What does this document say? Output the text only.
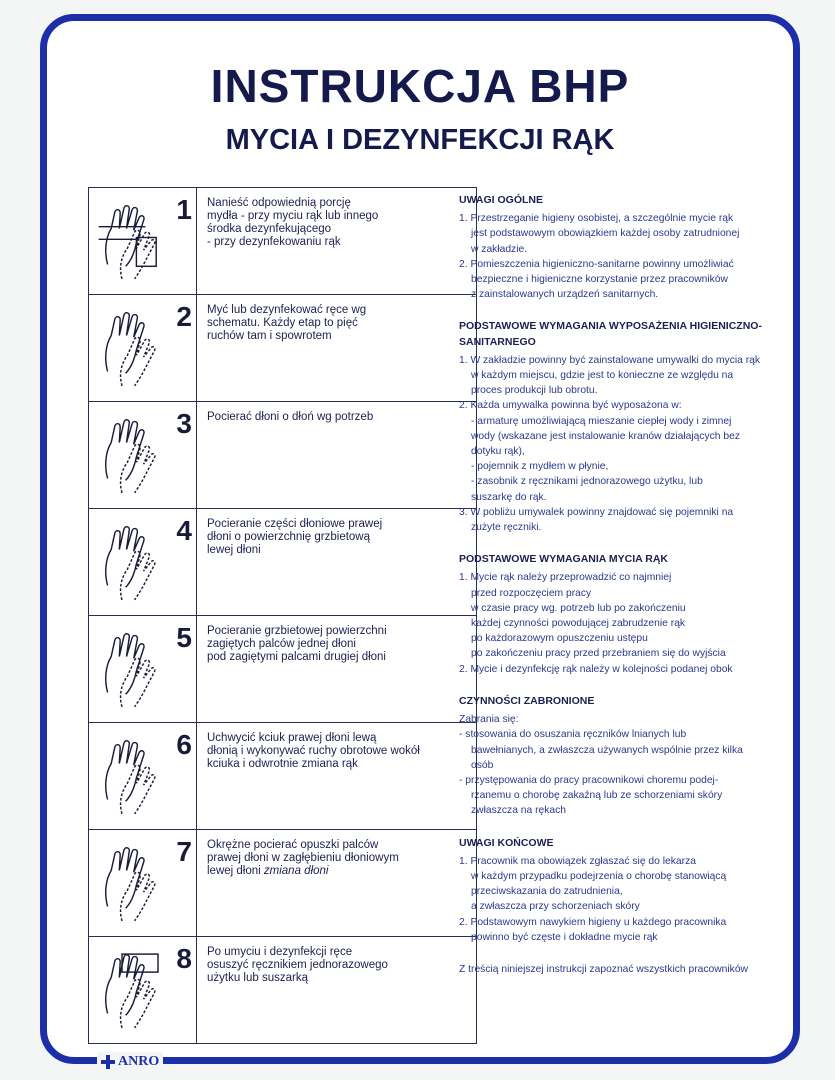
INSTRUKCJA BHP
MYCIA I DEZYNFEKCJI RĄK
1	Nanieść odpowiednią porcję
mydła - przy myciu rąk lub innego
środka dezynfekującego
- przy dezynfekowaniu rąk

2	Myć lub dezynfekować ręce wg
schematu. Każdy etap to pięć
ruchów tam i spowrotem

3	Pocierać dłoni o dłoń wg potrzeb

4	Pocieranie części dłoniowe prawej
dłoni o powierzchnię grzbietową
lewej dłoni

5	Pocieranie grzbietowej powierzchni
zagiętych palców jednej dłoni
pod zagiętymi palcami drugiej dłoni

6	Uchwycić kciuk prawej dłoni lewą
dłonią i wykonywać ruchy obrotowe wokół
kciuka i odwrotnie zmiana rąk

7	Okrężne pocierać opuszki palców
prawej dłoni w zagłębieniu dłoniowym
lewej dłoni zmiana dłoni

8	Po umyciu i dezynfekcji ręce
osuszyć ręcznikiem jednorazowego
użytku lub suszarką
UWAGI OGÓLNE
1. Przestrzeganie higieny osobistej, a szczególnie mycie rąk
jest podstawowym obowiązkiem każdej osoby zatrudnionej
w zakładzie.
2. Pomieszczenia higieniczno-sanitarne powinny umożliwiać
bezpieczne i higieniczne korzystanie przez pracowników
z zainstalowanych urządzeń sanitarnych.
PODSTAWOWE WYMAGANIA WYPOSAŻENIA HIGIENICZNO-SANITARNEGO
1. W zakładzie powinny być zainstalowane umywalki do mycia rąk
w każdym miejscu, gdzie jest to konieczne ze względu na
proces produkcji lub obrotu.
2. Każda umywalka powinna być wyposażona w:
- armaturę umożliwiającą mieszanie ciepłej wody i zimnej
wody (wskazane jest instalowanie kranów działających bez
dotyku rąk),
- pojemnik z mydłem w płynie,
- zasobnik z ręcznikami jednorazowego użytku, lub
suszarkę do rąk.
3. W pobliżu umywalek powinny znajdować się pojemniki na
zużyte ręczniki.
PODSTAWOWE WYMAGANIA MYCIA RĄK
1. Mycie rąk należy przeprowadzić co najmniej
przed rozpoczęciem pracy
w czasie pracy wg. potrzeb lub po zakończeniu
każdej czynności powodującej zabrudzenie rąk
po każdorazowym opuszczeniu ustępu
po zakończeniu pracy przed przebraniem się do wyjścia
2. Mycie i dezynfekcję rąk należy w kolejności podanej obok
CZYNNOŚCI ZABRONIONE
Zabrania się:
- stosowania do osuszania ręczników lnianych lub
bawełnianych, a zwłaszcza używanych wspólnie przez kilka
osób
- przystępowania do pracy pracownikowi choremu podej-
rzanemu o chorobę zakaźną lub ze schorzeniami skóry
zwłaszcza na rękach
UWAGI KOŃCOWE
1. Pracownik ma obowiązek zgłaszać się do lekarza
w każdym przypadku podejrzenia o chorobę stanowiącą
przeciwskazania do zatrudnienia,
a zwłaszcza przy schorzeniach skóry
2. Podstawowym nawykiem higieny u każdego pracownika
powinno być częste i dokładne mycie rąk
Z treścią niniejszej instrukcji zapoznać wszystkich pracowników
ANRO
